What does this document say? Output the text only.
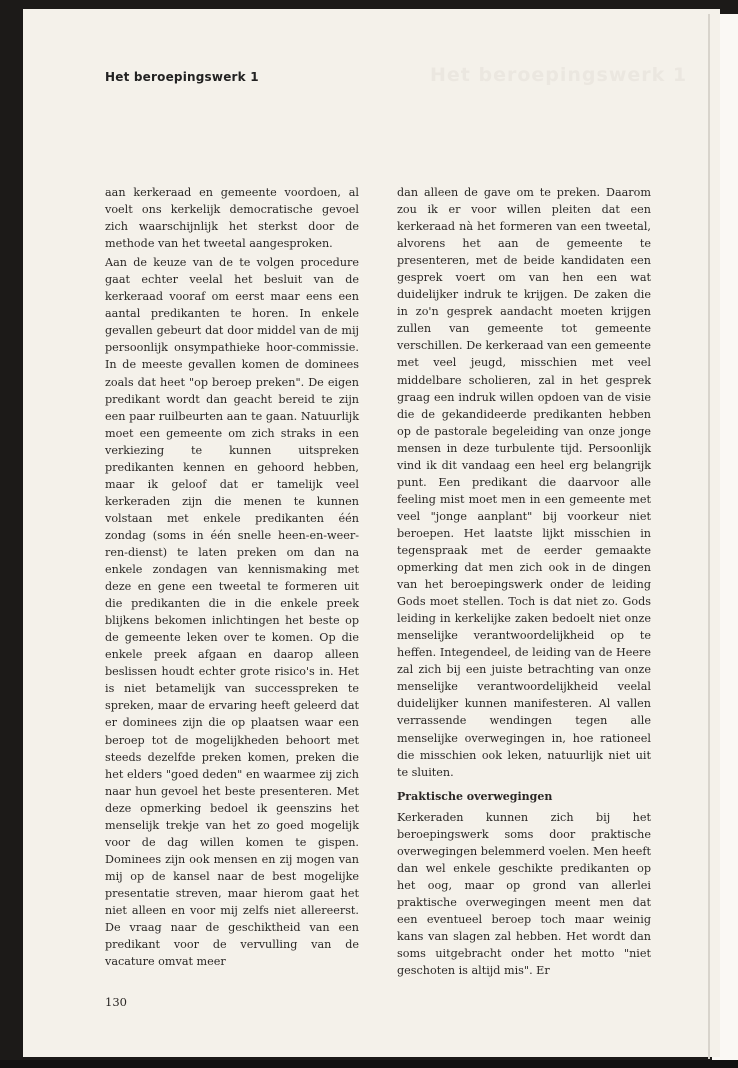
Het beroepingswerk 1
Het beroepingswerk 1

aan kerkeraad en gemeente voordoen, al voelt ons kerkelijk democratische gevoel zich waarschijnlijk het sterkst door de methode van het tweetal aangesproken.

Aan de keuze van de te volgen procedure gaat echter veelal het besluit van de kerkeraad vooraf om eerst maar eens een aantal predikanten te horen. In enkele gevallen gebeurt dat door middel van de mij persoonlijk onsympathieke hoor-commissie. In de meeste gevallen komen de dominees zoals dat heet "op beroep preken". De eigen predikant wordt dan geacht bereid te zijn een paar ruilbeurten aan te gaan. Natuurlijk moet een gemeente om zich straks in een verkiezing te kunnen uitspreken predikanten kennen en gehoord hebben, maar ik geloof dat er tamelijk veel kerkeraden zijn die menen te kunnen volstaan met enkele predikanten één zondag (soms in één snelle heen-en-weer-ren-dienst) te laten preken om dan na enkele zondagen van kennismaking met deze en gene een tweetal te formeren uit die predikanten die in die enkele preek blijkens bekomen inlichtingen het beste op de gemeente leken over te komen. Op die enkele preek afgaan en daarop alleen beslissen houdt echter grote risico's in. Het is niet betamelijk van successpreken te spreken, maar de ervaring heeft geleerd dat er dominees zijn die op plaatsen waar een beroep tot de mogelijkheden behoort met steeds dezelfde preken komen, preken die het elders "goed deden" en waarmee zij zich naar hun gevoel het beste presenteren. Met deze opmerking bedoel ik geenszins het menselijk trekje van het zo goed mogelijk voor de dag willen komen te gispen. Dominees zijn ook mensen en zij mogen van mij op de kansel naar de best mogelijke presentatie streven, maar hierom gaat het niet alleen en voor mij zelfs niet allereerst. De vraag naar de geschiktheid van een predikant voor de vervulling van de vacature omvat meer

dan alleen de gave om te preken. Daarom zou ik er voor willen pleiten dat een kerkeraad nà het formeren van een tweetal, alvorens het aan de gemeente te presenteren, met de beide kandidaten een gesprek voert om van hen een wat duidelijker indruk te krijgen. De zaken die in zo'n gesprek aandacht moeten krijgen zullen van gemeente tot gemeente verschillen. De kerkeraad van een gemeente met veel jeugd, misschien met veel middelbare scholieren, zal in het gesprek graag een indruk willen opdoen van de visie die de gekandideerde predikanten hebben op de pastorale begeleiding van onze jonge mensen in deze turbulente tijd. Persoonlijk vind ik dit vandaag een heel erg belangrijk punt. Een predikant die daarvoor alle feeling mist moet men in een gemeente met veel "jonge aanplant" bij voorkeur niet beroepen. Het laatste lijkt misschien in tegenspraak met de eerder gemaakte opmerking dat men zich ook in de dingen van het beroepingswerk onder de leiding Gods moet stellen. Toch is dat niet zo. Gods leiding in kerkelijke zaken bedoelt niet onze menselijke verantwoordelijkheid op te heffen. Integendeel, de leiding van de Heere zal zich bij een juiste betrachting van onze menselijke verantwoordelijkheid veelal duidelijker kunnen manifesteren. Al vallen verrassende wendingen tegen alle menselijke overwegingen in, hoe rationeel die misschien ook leken, natuurlijk niet uit te sluiten.

Praktische overwegingen

Kerkeraden kunnen zich bij het beroepingswerk soms door praktische overwegingen belemmerd voelen. Men heeft dan wel enkele geschikte predikanten op het oog, maar op grond van allerlei praktische overwegingen meent men dat een eventueel beroep toch maar weinig kans van slagen zal hebben. Het wordt dan soms uitgebracht onder het motto "niet geschoten is altijd mis". Er

130
